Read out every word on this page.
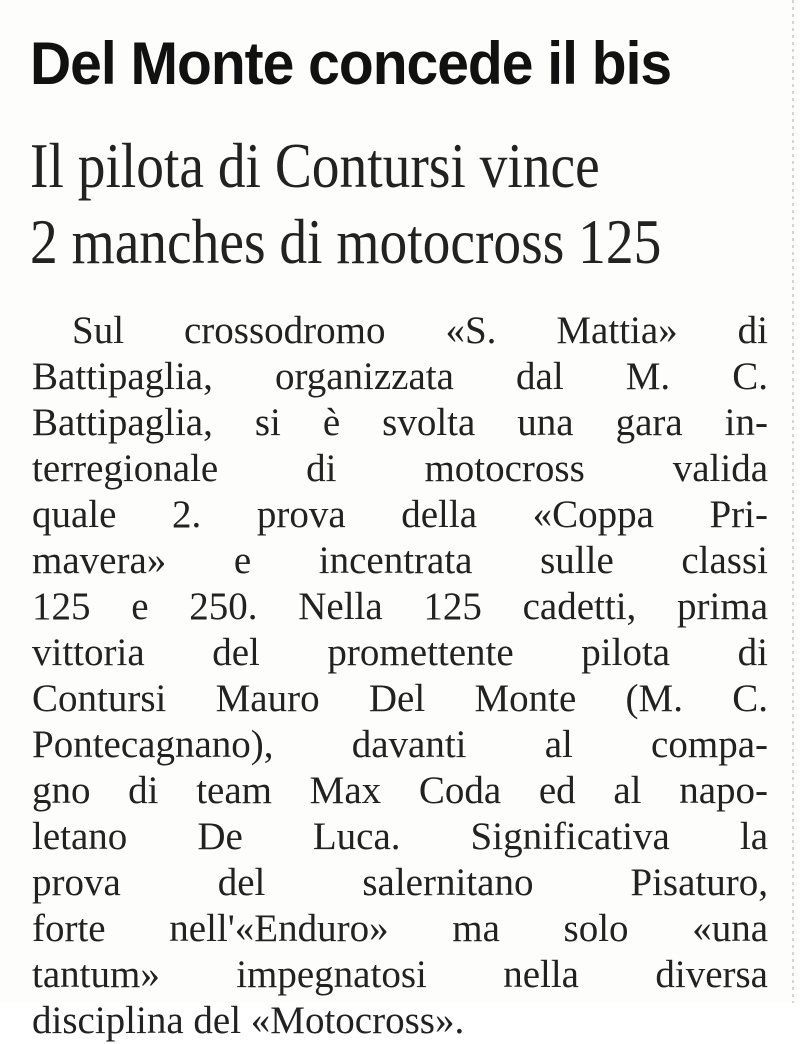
Del Monte concede il bis
Il pilota di Contursi vince
2 manches di motocross 125
Sul crossodromo «S. Mattia» di
Battipaglia, organizzata dal M. C.
Battipaglia, si è svolta una gara in-
terregionale di motocross valida
quale 2. prova della «Coppa Pri-
mavera» e incentrata sulle classi
125 e 250. Nella 125 cadetti, prima
vittoria del promettente pilota di
Contursi Mauro Del Monte (M. C.
Pontecagnano), davanti al compa-
gno di team Max Coda ed al napo-
letano De Luca. Significativa la
prova del salernitano Pisaturo,
forte nell'«Enduro» ma solo «una
tantum» impegnatosi nella diversa
disciplina del «Motocross».
